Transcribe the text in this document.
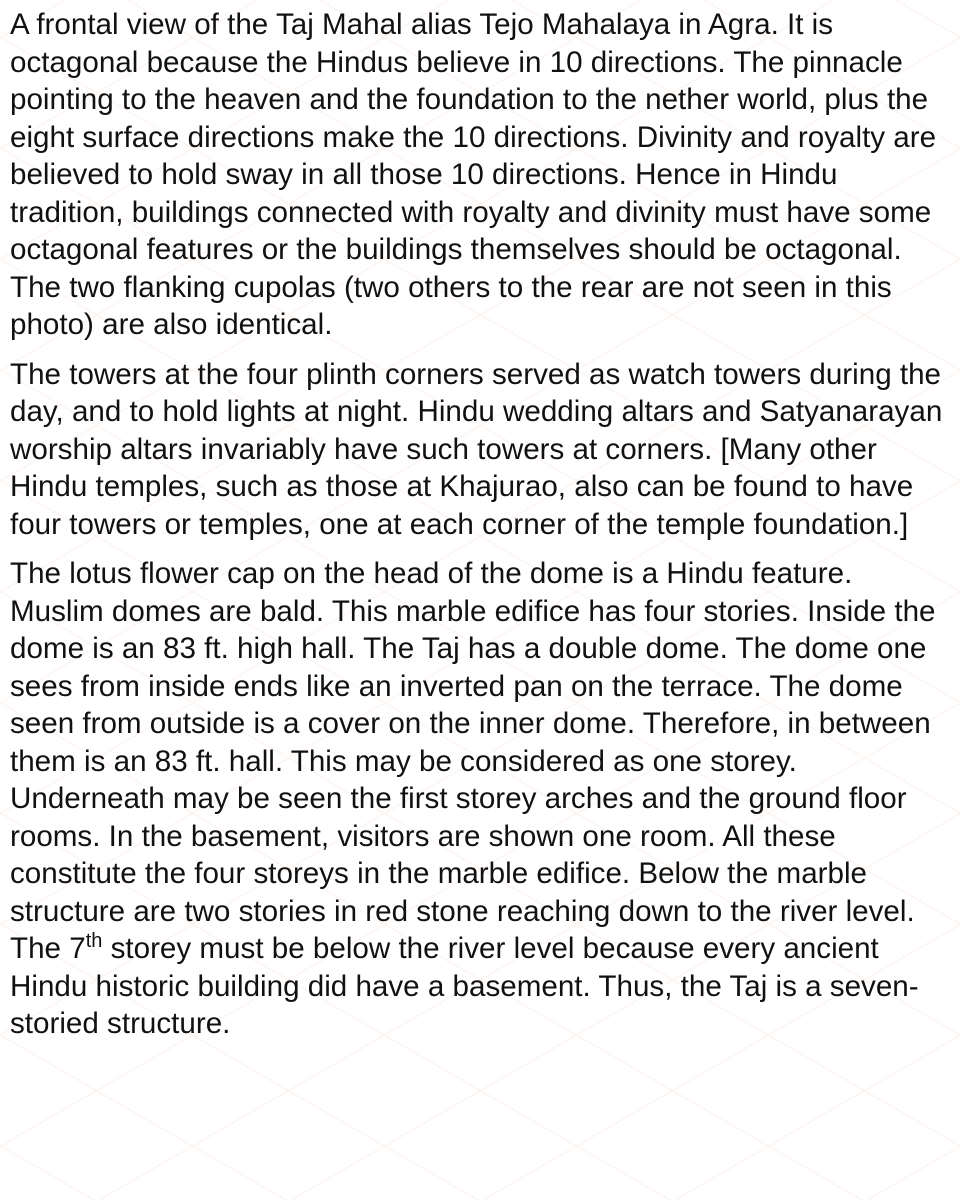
A frontal view of the Taj Mahal alias Tejo Mahalaya in Agra. It is octagonal because the Hindus believe in 10 directions. The pinnacle pointing to the heaven and the foundation to the nether world, plus the eight surface directions make the 10 directions. Divinity and royalty are believed to hold sway in all those 10 directions. Hence in Hindu tradition, buildings connected with royalty and divinity must have some octagonal features or the buildings themselves should be octagonal. The two flanking cupolas (two others to the rear are not seen in this photo) are also identical.

The towers at the four plinth corners served as watch towers during the day, and to hold lights at night. Hindu wedding altars and Satyanarayan worship altars invariably have such towers at corners. [Many other Hindu temples, such as those at Khajurao, also can be found to have four towers or temples, one at each corner of the temple foundation.]

The lotus flower cap on the head of the dome is a Hindu feature. Muslim domes are bald. This marble edifice has four stories. Inside the dome is an 83 ft. high hall. The Taj has a double dome. The dome one sees from inside ends like an inverted pan on the terrace. The dome seen from outside is a cover on the inner dome. Therefore, in between them is an 83 ft. hall. This may be considered as one storey. Underneath may be seen the first storey arches and the ground floor rooms. In the basement, visitors are shown one room. All these constitute the four storeys in the marble edifice. Below the marble structure are two stories in red stone reaching down to the river level. The 7th storey must be below the river level because every ancient Hindu historic building did have a basement. Thus, the Taj is a seven-storied structure.
